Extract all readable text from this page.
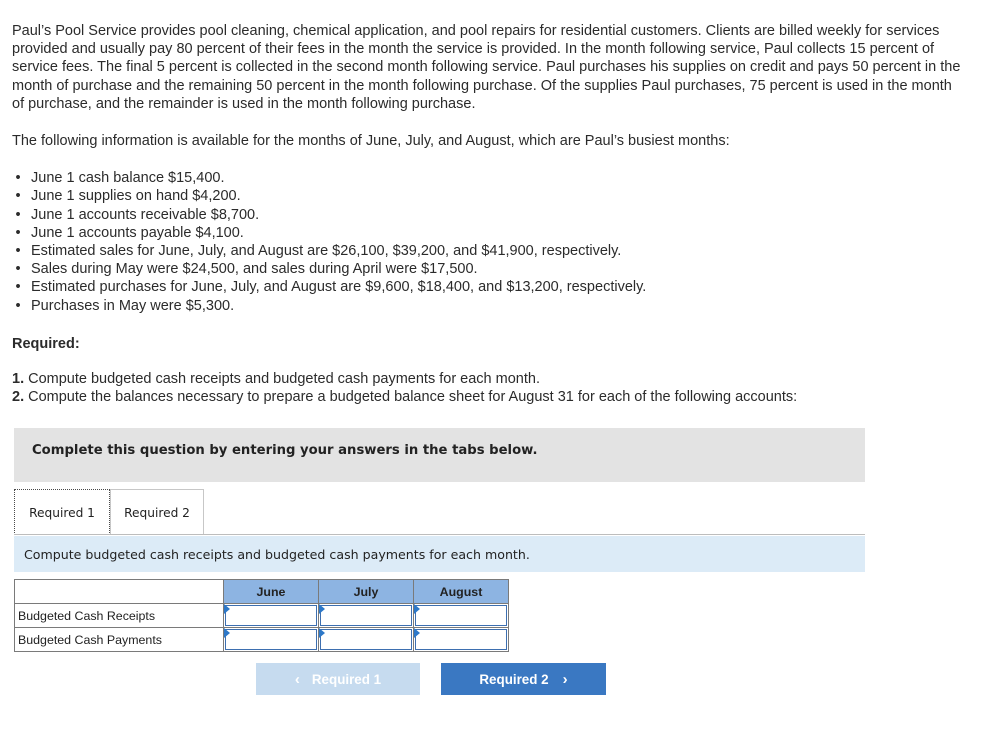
Paul’s Pool Service provides pool cleaning, chemical application, and pool repairs for residential customers. Clients are billed weekly for services provided and usually pay 80 percent of their fees in the month the service is provided. In the month following service, Paul collects 15 percent of service fees. The final 5 percent is collected in the second month following service. Paul purchases his supplies on credit and pays 50 percent in the month of purchase and the remaining 50 percent in the month following purchase. Of the supplies Paul purchases, 75 percent is used in the month of purchase, and the remainder is used in the month following purchase.

The following information is available for the months of June, July, and August, which are Paul’s busiest months:

• June 1 cash balance $15,400.
• June 1 supplies on hand $4,200.
• June 1 accounts receivable $8,700.
• June 1 accounts payable $4,100.
• Estimated sales for June, July, and August are $26,100, $39,200, and $41,900, respectively.
• Sales during May were $24,500, and sales during April were $17,500.
• Estimated purchases for June, July, and August are $9,600, $18,400, and $13,200, respectively.
• Purchases in May were $5,300.

Required:

1. Compute budgeted cash receipts and budgeted cash payments for each month.
2. Compute the balances necessary to prepare a budgeted balance sheet for August 31 for each of the following accounts:
Complete this question by entering your answers in the tabs below.
Required 1 Required 2
Compute budgeted cash receipts and budgeted cash payments for each month.
	June	July	August
Budgeted Cash Receipts	

Budgeted Cash Payments	

‹ Required 1	Required 2 ›
